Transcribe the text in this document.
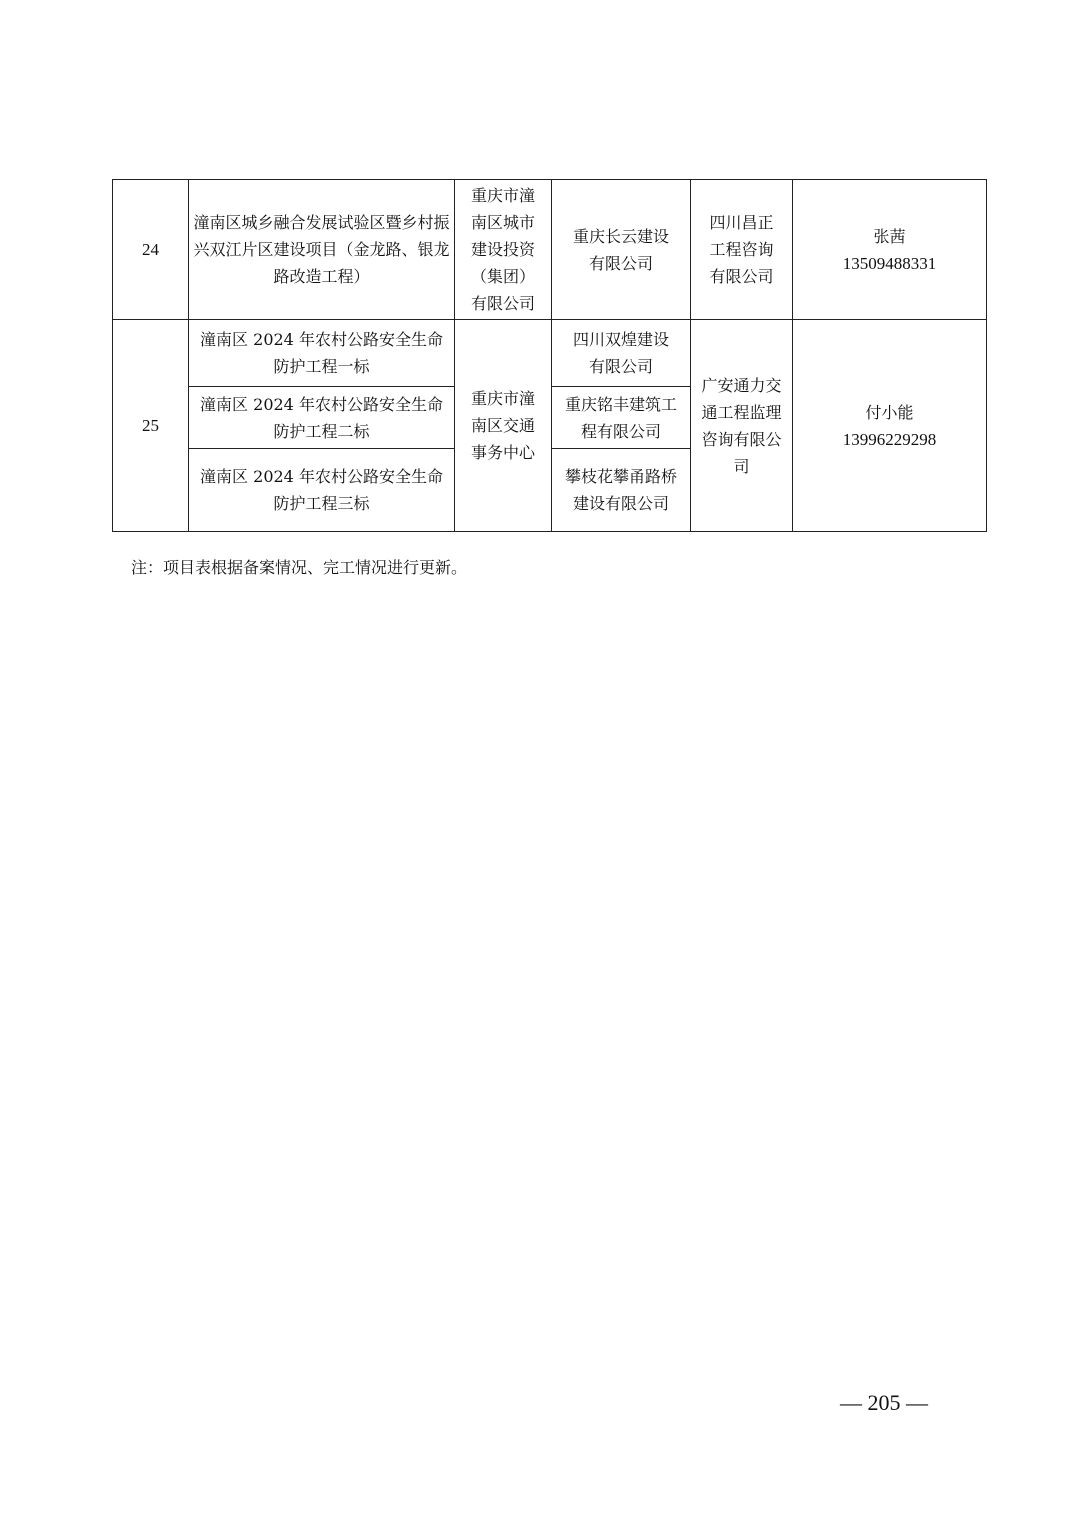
24	潼南区城乡融合发展试验区暨乡村振兴双江片区建设项目（金龙路、银龙路改造工程）	重庆市潼南区城市建设投资（集团）有限公司	重庆长云建设有限公司	四川昌正工程咨询有限公司	张茜
13509488331

25	潼南区 2024 年农村公路安全生命防护工程一标	重庆市潼南区交通事务中心	四川双煌建设有限公司	广安通力交通工程监理咨询有限公司	付小能
13996229298

	潼南区 2024 年农村公路安全生命防护工程二标		重庆铭丰建筑工程有限公司		
	潼南区 2024 年农村公路安全生命防护工程三标		攀枝花攀甬路桥建设有限公司		
注：项目表根据备案情况、完工情况进行更新。
— 205 —
